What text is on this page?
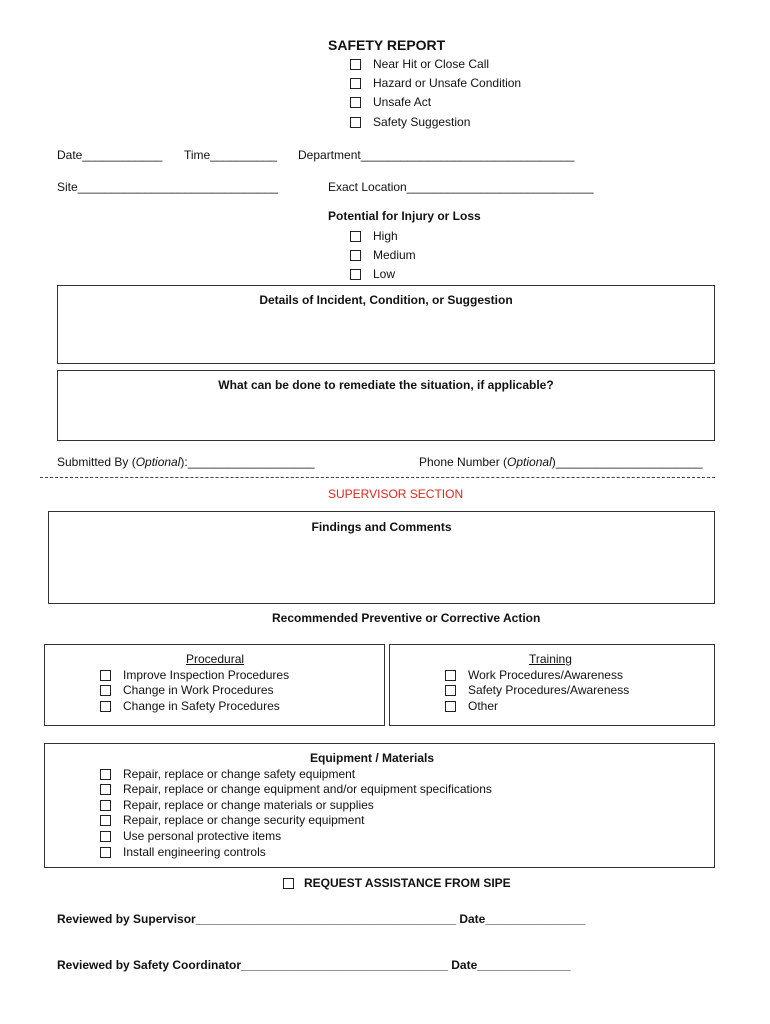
SAFETY REPORT
Near Hit or Close Call
Hazard or Unsafe Condition
Unsafe Act
Safety Suggestion
Date____________ Time__________ Department________________________________
Site______________________________	Exact Location____________________________
Potential for Injury or Loss
High
Medium
Low
Details of Incident, Condition, or Suggestion
What can be done to remediate the situation, if applicable?
Submitted By (Optional):___________________	Phone Number (Optional)______________________
SUPERVISOR SECTION
Findings and Comments
Recommended Preventive or Corrective Action
Procedural
Improve Inspection Procedures
Change in Work Procedures
Change in Safety Procedures
Training
Work Procedures/Awareness
Safety Procedures/Awareness
Other
Equipment / Materials
Repair, replace or change safety equipment
Repair, replace or change equipment and/or equipment specifications
Repair, replace or change materials or supplies
Repair, replace or change security equipment
Use personal protective items
Install engineering controls
REQUEST ASSISTANCE FROM SIPE
Reviewed by Supervisor_______________________________________ Date_______________
Reviewed by Safety Coordinator_______________________________ Date______________
